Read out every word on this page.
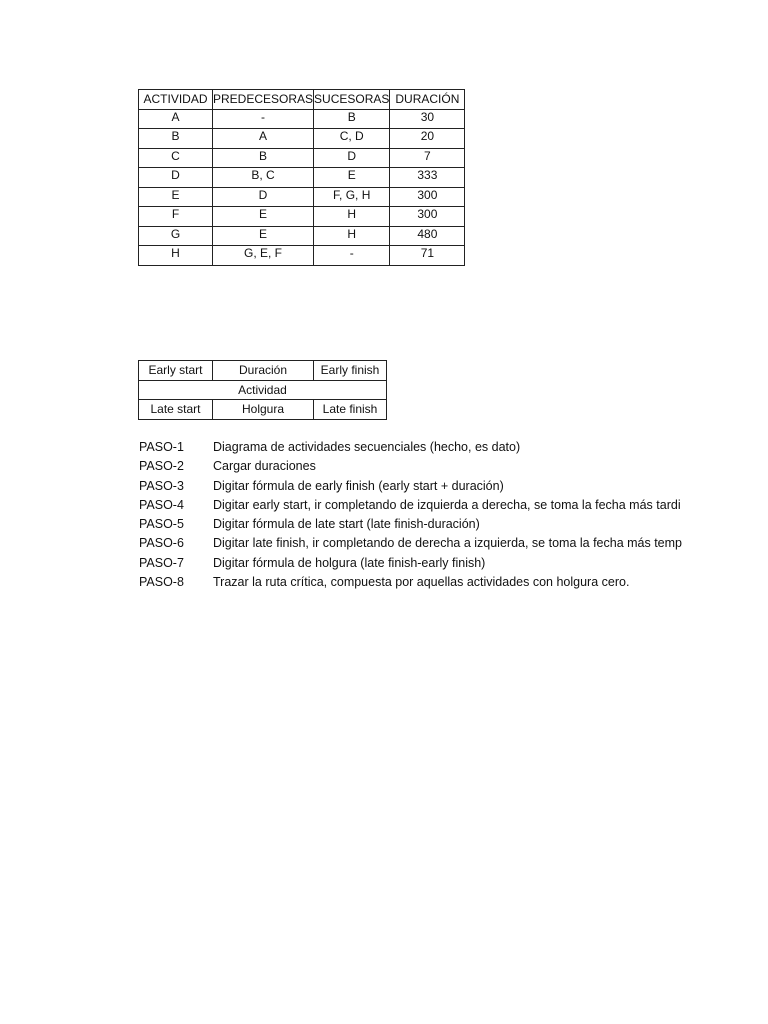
ACTIVIDAD	PREDECESORAS	SUCESORAS	DURACIÓN
A	-	B	30
B	A	C, D	20
C	B	D	7
D	B, C	E	333
E	D	F, G, H	300
F	E	H	300
G	E	H	480
H	G, E, F	-	71
Early start	Duración	Early finish
Actividad		
Late start	Holgura	Late finish
PASO-1 Diagrama de actividades secuenciales (hecho, es dato)
PASO-2 Cargar duraciones
PASO-3 Digitar fórmula de early finish (early start + duración)
PASO-4 Digitar early start, ir completando de izquierda a derecha, se toma la fecha más tardi
PASO-5 Digitar fórmula de late start (late finish-duración)
PASO-6 Digitar late finish, ir completando de derecha a izquierda, se toma la fecha más temp
PASO-7 Digitar fórmula de holgura (late finish-early finish)
PASO-8 Trazar la ruta crítica, compuesta por aquellas actividades con holgura cero.
